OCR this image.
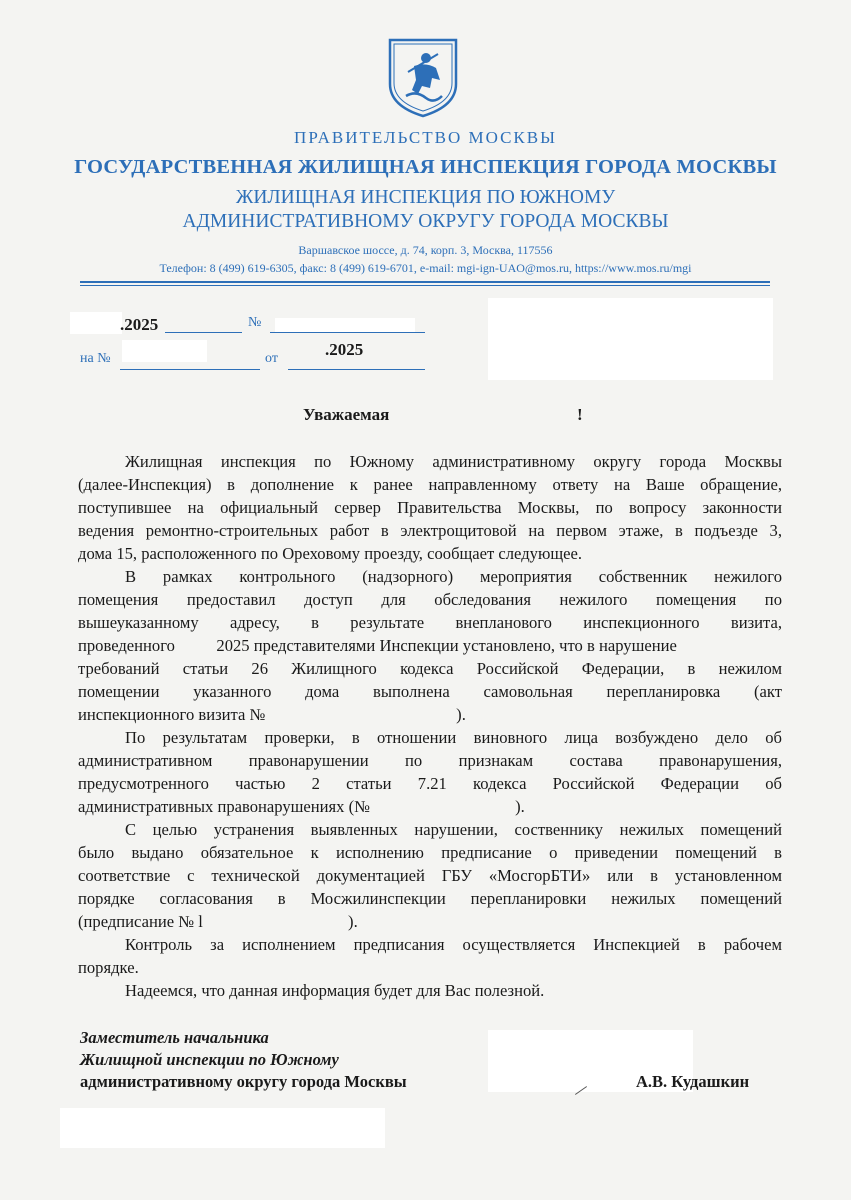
ПРАВИТЕЛЬСТВО МОСКВЫ
ГОСУДАРСТВЕННАЯ ЖИЛИЩНАЯ ИНСПЕКЦИЯ ГОРОДА МОСКВЫ
ЖИЛИЩНАЯ ИНСПЕКЦИЯ ПО ЮЖНОМУ
АДМИНИСТРАТИВНОМУ ОКРУГУ ГОРОДА МОСКВЫ
Варшавское шоссе, д. 74, корп. 3, Москва, 117556
Телефон: 8 (499) 619-6305, факс: 8 (499) 619-6701, e-mail: mgi-ign-UAO@mos.ru, https://www.mos.ru/mgi
.2025	№
на №	от	.2025
Уважаемая	!
Жилищная инспекция по Южному административному округу города Москвы
(далее-Инспекция) в дополнение к ранее направленному ответу на Ваше обращение,
поступившее на официальный сервер Правительства Москвы, по вопросу законности
ведения ремонтно-строительных работ в электрощитовой на первом этаже, в подъезде 3,
дома 15, расположенного по Ореховому проезду, сообщает следующее.
В рамках контрольного (надзорного) мероприятия собственник нежилого
помещения предоставил доступ для обследования нежилого помещения по
вышеуказанному адресу, в результате внепланового инспекционного визита,
проведенного          2025 представителями Инспекции установлено, что в нарушение
требований статьи 26 Жилищного кодекса Российской Федерации, в нежилом
помещении указанного дома выполнена самовольная перепланировка (акт
инспекционного визита №                                              ).
По результатам проверки, в отношении виновного лица возбуждено дело об
административном правонарушении по признакам состава правонарушения,
предусмотренного частью 2 статьи 7.21 кодекса Российской Федерации об
административных правонарушениях (№                                   ).
С целью устранения выявленных нарушении, соственнику нежилых помещений
было выдано обязательное к исполнению предписание о приведении помещений в
соответствие с технической документацией ГБУ «МосгорБТИ» или в установленном
порядке согласования в Мосжилинспекции перепланировки нежилых помещений
(предписание № l                                   ).
Контроль за исполнением предписания осуществляется Инспекцией в рабочем
порядке.
Надеемся, что данная информация будет для Вас полезной.
Заместитель начальника
Жилищной инспекции по Южному
административному округу города Москвы	А.В. Кудашкин
